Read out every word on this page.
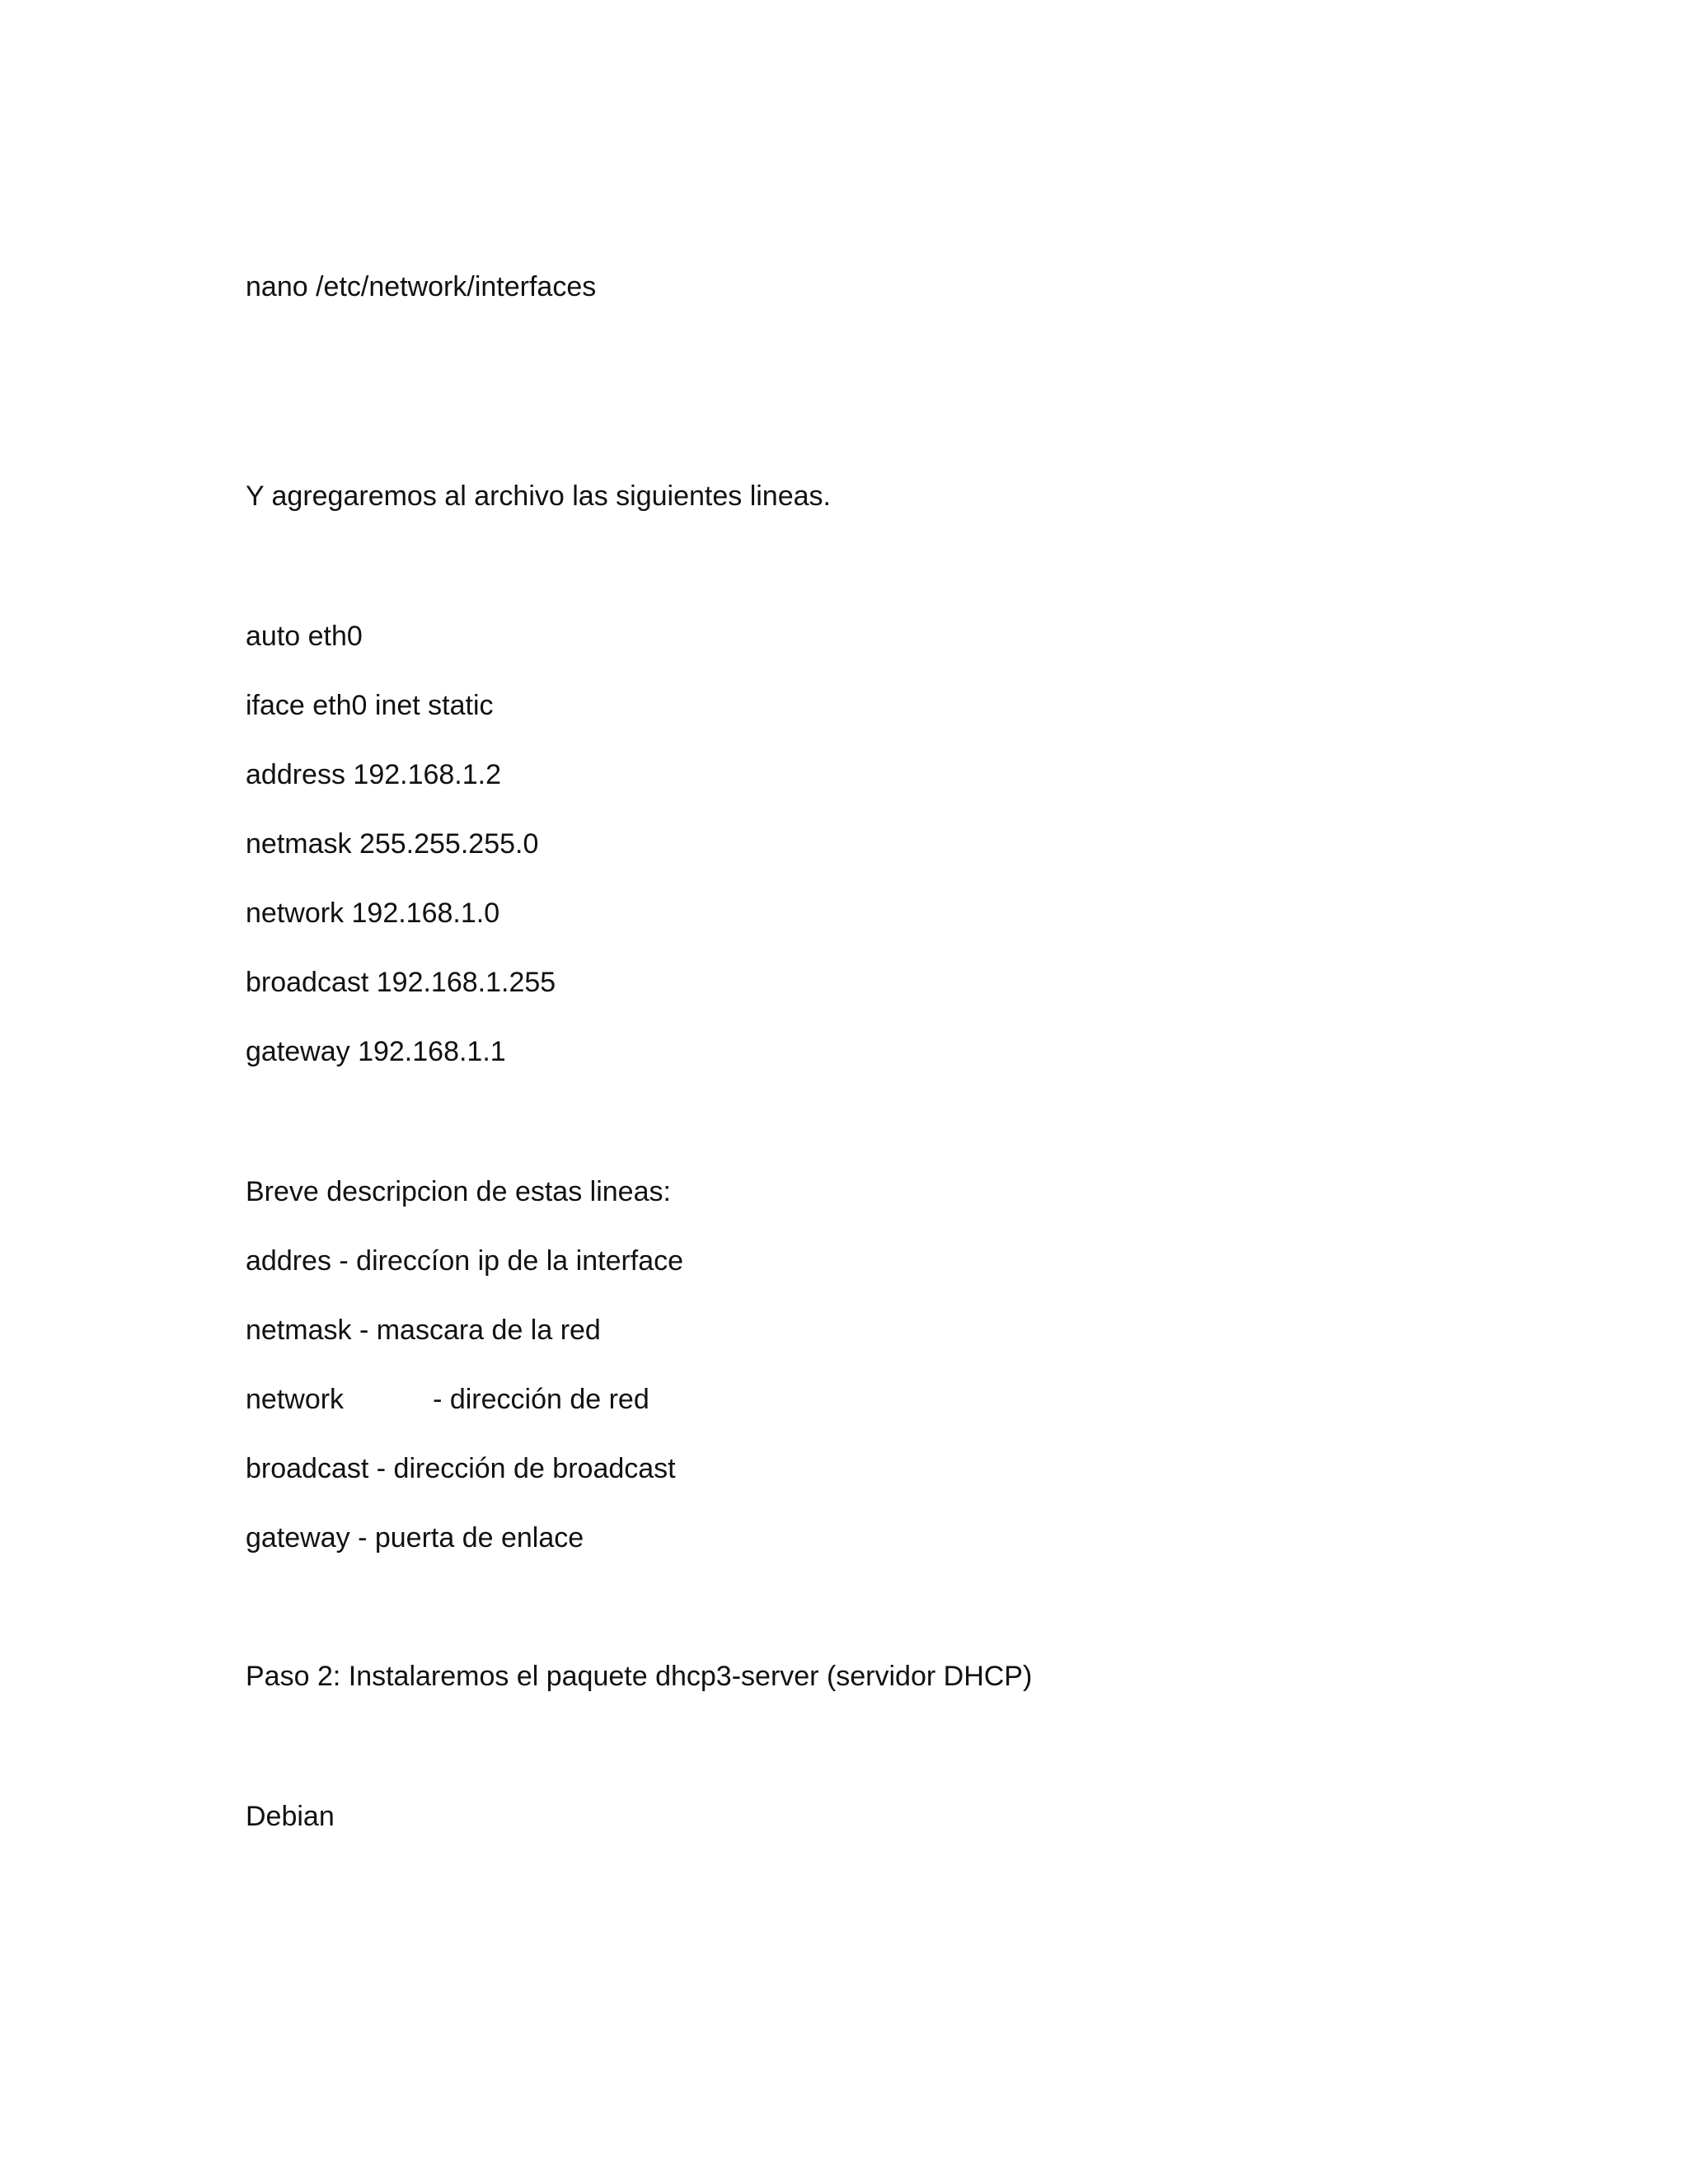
nano /etc/network/interfaces
Y agregaremos al archivo las siguientes lineas.
auto eth0
iface eth0 inet static
address 192.168.1.2
netmask 255.255.255.0
network 192.168.1.0
broadcast 192.168.1.255
gateway 192.168.1.1
Breve descripcion de estas lineas:
addres - direccíon ip de la interface
netmask - mascara de la red
network	- dirección de red
broadcast - dirección de broadcast
gateway - puerta de enlace
Paso 2: Instalaremos el paquete dhcp3-server (servidor DHCP)
Debian
